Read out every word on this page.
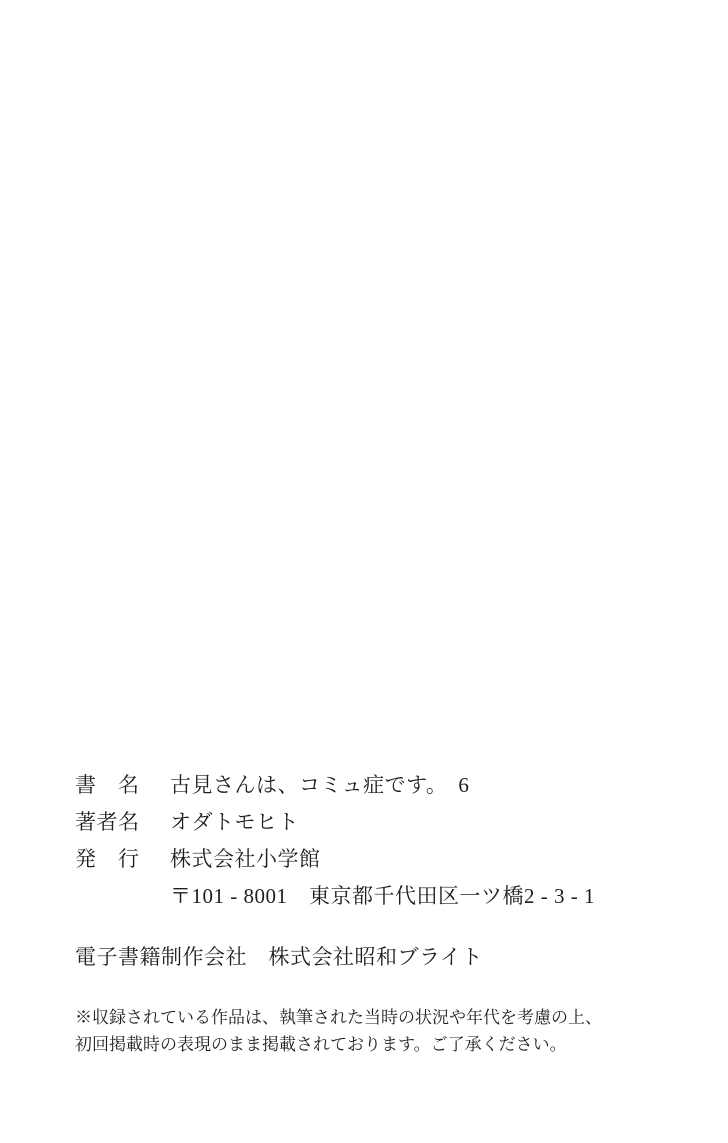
書　名 古見さんは、コミュ症です。　6
著者名 オダトモヒト
発　行 株式会社小学館
〒101 - 8001　東京都千代田区一ツ橋2 - 3 - 1
電子書籍制作会社　株式会社昭和ブライト
※収録されている作品は、執筆された当時の状況や年代を考慮の上、
初回掲載時の表現のまま掲載されております。ご了承ください。
